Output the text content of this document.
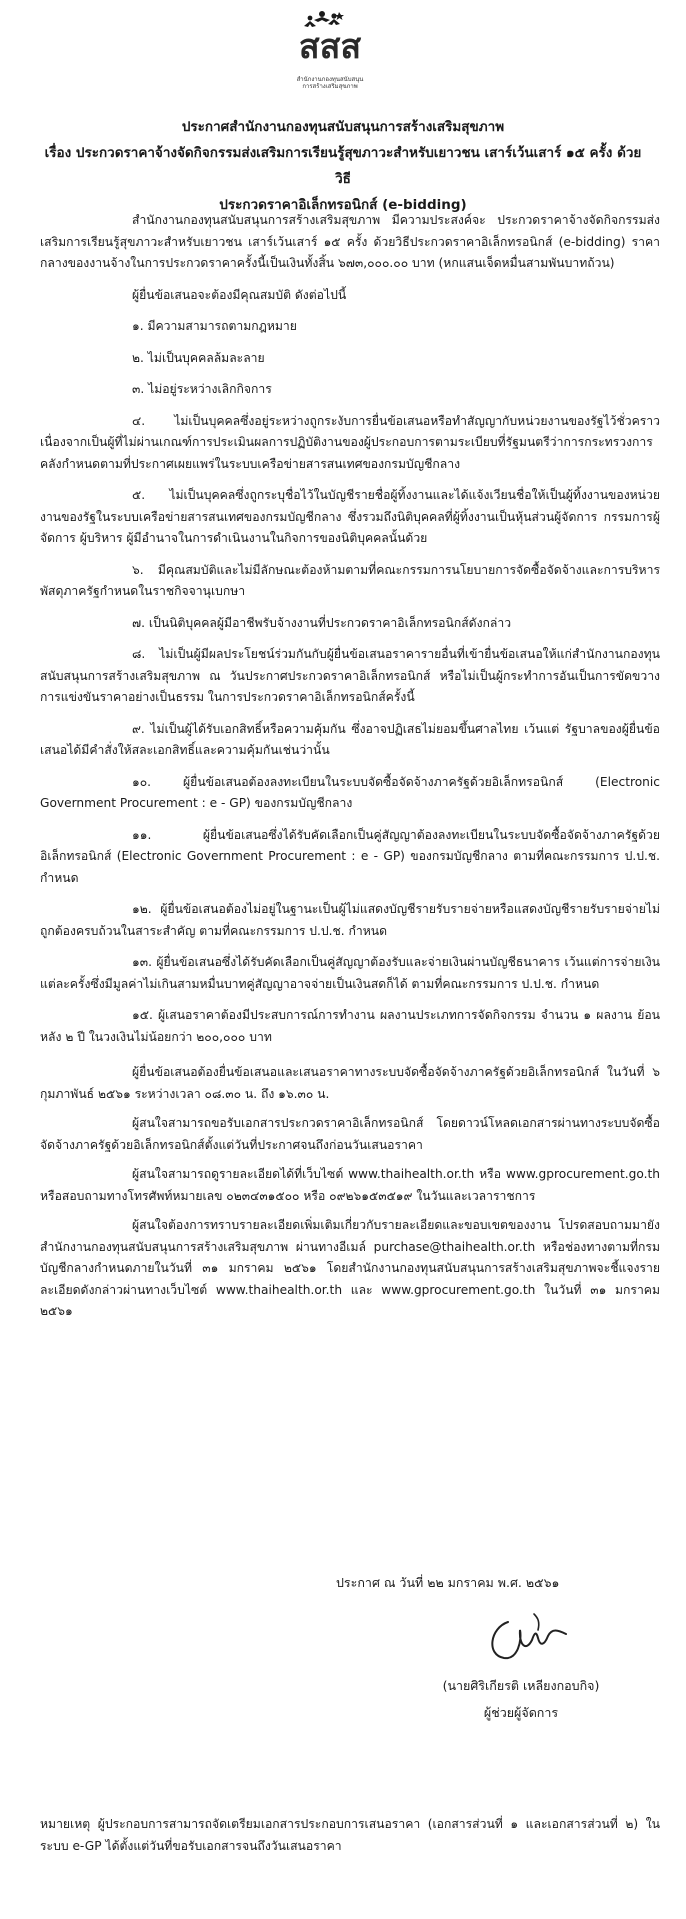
สสส
สำนักงานกองทุนสนับสนุน
การสร้างเสริมสุขภาพ
ประกาศสำนักงานกองทุนสนับสนุนการสร้างเสริมสุขภาพ
เรื่อง ประกวดราคาจ้างจัดกิจกรรมส่งเสริมการเรียนรู้สุขภาวะสำหรับเยาวชน เสาร์เว้นเสาร์ ๑๕ ครั้ง ด้วยวิธี
ประกวดราคาอิเล็กทรอนิกส์ (e-bidding)

สำนักงานกองทุนสนับสนุนการสร้างเสริมสุขภาพ มีความประสงค์จะ ประกวดราคาจ้างจัดกิจกรรมส่งเสริมการเรียนรู้สุขภาวะสำหรับเยาวชน เสาร์เว้นเสาร์ ๑๕ ครั้ง ด้วยวิธีประกวดราคาอิเล็กทรอนิกส์ (e-bidding) ราคากลางของงานจ้างในการประกวดราคาครั้งนี้เป็นเงินทั้งสิ้น ๖๗๓,๐๐๐.๐๐ บาท (หกแสนเจ็ดหมื่นสามพันบาทถ้วน)

ผู้ยื่นข้อเสนอจะต้องมีคุณสมบัติ ดังต่อไปนี้

๑. มีความสามารถตามกฎหมาย

๒. ไม่เป็นบุคคลล้มละลาย

๓. ไม่อยู่ระหว่างเลิกกิจการ

๔. ไม่เป็นบุคคลซึ่งอยู่ระหว่างถูกระงับการยื่นข้อเสนอหรือทำสัญญากับหน่วยงานของรัฐไว้ชั่วคราว เนื่องจากเป็นผู้ที่ไม่ผ่านเกณฑ์การประเมินผลการปฏิบัติงานของผู้ประกอบการตามระเบียบที่รัฐมนตรีว่าการกระทรวงการคลังกำหนดตามที่ประกาศเผยแพร่ในระบบเครือข่ายสารสนเทศของกรมบัญชีกลาง

๕. ไม่เป็นบุคคลซึ่งถูกระบุชื่อไว้ในบัญชีรายชื่อผู้ทิ้งงานและได้แจ้งเวียนชื่อให้เป็นผู้ทิ้งงานของหน่วยงานของรัฐในระบบเครือข่ายสารสนเทศของกรมบัญชีกลาง ซึ่งรวมถึงนิติบุคคลที่ผู้ทิ้งงานเป็นหุ้นส่วนผู้จัดการ กรรมการผู้จัดการ ผู้บริหาร ผู้มีอำนาจในการดำเนินงานในกิจการของนิติบุคคลนั้นด้วย

๖. มีคุณสมบัติและไม่มีลักษณะต้องห้ามตามที่คณะกรรมการนโยบายการจัดซื้อจัดจ้างและการบริหารพัสดุภาครัฐกำหนดในราชกิจจานุเบกษา

๗. เป็นนิติบุคคลผู้มีอาชีพรับจ้างงานที่ประกวดราคาอิเล็กทรอนิกส์ดังกล่าว

๘. ไม่เป็นผู้มีผลประโยชน์ร่วมกันกับผู้ยื่นข้อเสนอราคารายอื่นที่เข้ายื่นข้อเสนอให้แก่สำนักงานกองทุนสนับสนุนการสร้างเสริมสุขภาพ ณ วันประกาศประกวดราคาอิเล็กทรอนิกส์ หรือไม่เป็นผู้กระทำการอันเป็นการขัดขวางการแข่งขันราคาอย่างเป็นธรรม ในการประกวดราคาอิเล็กทรอนิกส์ครั้งนี้

๙. ไม่เป็นผู้ได้รับเอกสิทธิ์หรือความคุ้มกัน ซึ่งอาจปฏิเสธไม่ยอมขึ้นศาลไทย เว้นแต่ รัฐบาลของผู้ยื่นข้อเสนอได้มีคำสั่งให้สละเอกสิทธิ์และความคุ้มกันเช่นว่านั้น

๑๐. ผู้ยื่นข้อเสนอต้องลงทะเบียนในระบบจัดซื้อจัดจ้างภาครัฐด้วยอิเล็กทรอนิกส์ (Electronic Government Procurement : e - GP) ของกรมบัญชีกลาง

๑๑. ผู้ยื่นข้อเสนอซึ่งได้รับคัดเลือกเป็นคู่สัญญาต้องลงทะเบียนในระบบจัดซื้อจัดจ้างภาครัฐด้วยอิเล็กทรอนิกส์ (Electronic Government Procurement : e - GP) ของกรมบัญชีกลาง ตามที่คณะกรรมการ ป.ป.ช. กำหนด

๑๒. ผู้ยื่นข้อเสนอต้องไม่อยู่ในฐานะเป็นผู้ไม่แสดงบัญชีรายรับรายจ่ายหรือแสดงบัญชีรายรับรายจ่ายไม่ถูกต้องครบถ้วนในสาระสำคัญ ตามที่คณะกรรมการ ป.ป.ช. กำหนด

๑๓. ผู้ยื่นข้อเสนอซึ่งได้รับคัดเลือกเป็นคู่สัญญาต้องรับและจ่ายเงินผ่านบัญชีธนาคาร เว้นแต่การจ่ายเงินแต่ละครั้งซึ่งมีมูลค่าไม่เกินสามหมื่นบาทคู่สัญญาอาจจ่ายเป็นเงินสดก็ได้ ตามที่คณะกรรมการ ป.ป.ช. กำหนด

๑๕. ผู้เสนอราคาต้องมีประสบการณ์การทำงาน ผลงานประเภทการจัดกิจกรรม จำนวน ๑ ผลงาน ย้อนหลัง ๒ ปี ในวงเงินไม่น้อยกว่า ๒๐๐,๐๐๐ บาท

ผู้ยื่นข้อเสนอต้องยื่นข้อเสนอและเสนอราคาทางระบบจัดซื้อจัดจ้างภาครัฐด้วยอิเล็กทรอนิกส์ ในวันที่ ๖ กุมภาพันธ์ ๒๕๖๑ ระหว่างเวลา ๐๘.๓๐ น. ถึง ๑๖.๓๐ น.

ผู้สนใจสามารถขอรับเอกสารประกวดราคาอิเล็กทรอนิกส์ โดยดาวน์โหลดเอกสารผ่านทางระบบจัดซื้อจัดจ้างภาครัฐด้วยอิเล็กทรอนิกส์ตั้งแต่วันที่ประกาศจนถึงก่อนวันเสนอราคา

ผู้สนใจสามารถดูรายละเอียดได้ที่เว็บไซต์ www.thaihealth.or.th หรือ www.gprocurement.go.th หรือสอบถามทางโทรศัพท์หมายเลข ๐๒๓๔๓๑๕๐๐ หรือ ๐๙๒๖๑๕๓๕๑๙ ในวันและเวลาราชการ

ผู้สนใจต้องการทราบรายละเอียดเพิ่มเติมเกี่ยวกับรายละเอียดและขอบเขตของงาน โปรดสอบถามมายังสำนักงานกองทุนสนับสนุนการสร้างเสริมสุขภาพ ผ่านทางอีเมล์ purchase@thaihealth.or.th หรือช่องทางตามที่กรมบัญชีกลางกำหนดภายในวันที่ ๓๑ มกราคม ๒๕๖๑ โดยสำนักงานกองทุนสนับสนุนการสร้างเสริมสุขภาพจะชี้แจงรายละเอียดดังกล่าวผ่านทางเว็บไซต์ www.thaihealth.or.th และ www.gprocurement.go.th ในวันที่ ๓๑ มกราคม ๒๕๖๑

ประกาศ ณ วันที่ ๒๒ มกราคม พ.ศ. ๒๕๖๑
(นายศิริเกียรติ เหลียงกอบกิจ)
ผู้ช่วยผู้จัดการ
หมายเหตุ ผู้ประกอบการสามารถจัดเตรียมเอกสารประกอบการเสนอราคา (เอกสารส่วนที่ ๑ และเอกสารส่วนที่ ๒) ในระบบ e-GP ได้ตั้งแต่วันที่ขอรับเอกสารจนถึงวันเสนอราคา
